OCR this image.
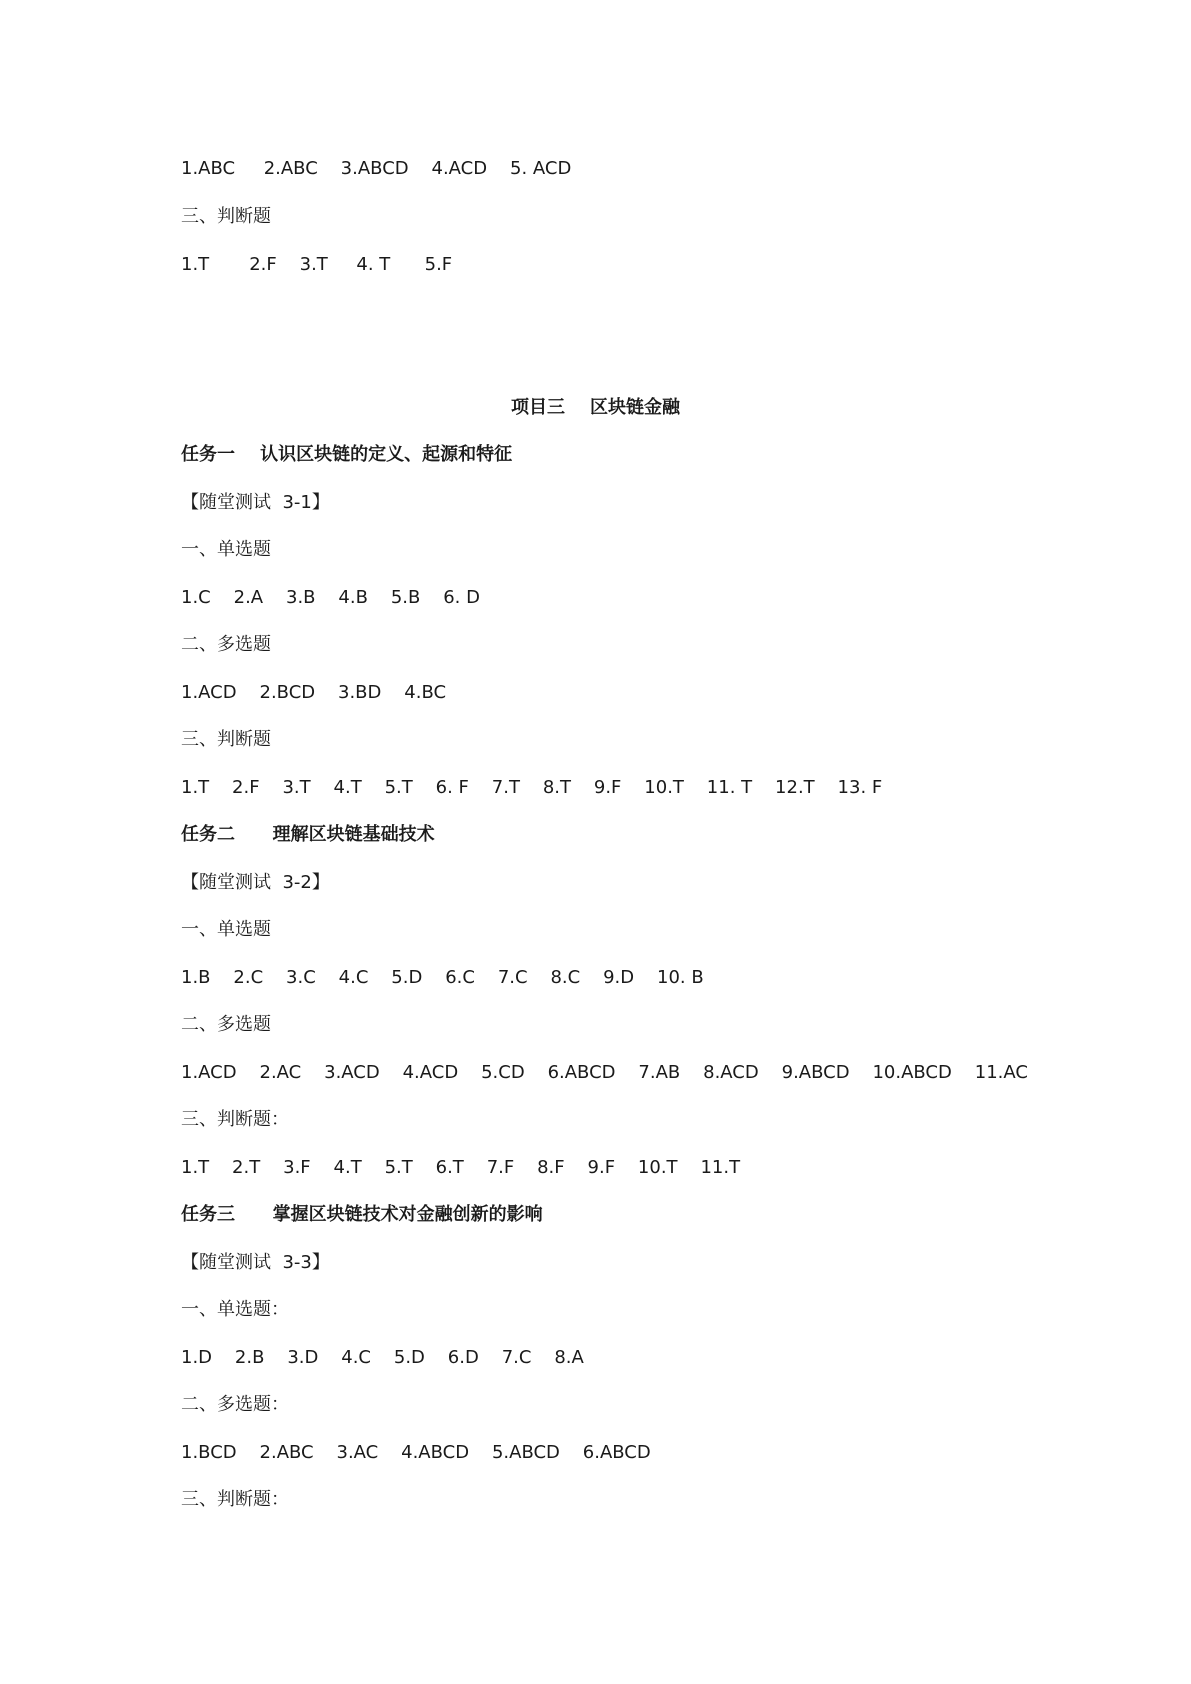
1.ABC     2.ABC    3.ABCD    4.ACD    5. ACD
三、判断题
1.T       2.F    3.T     4. T      5.F
项目三    区块链金融
任务一    认识区块链的定义、起源和特征
【随堂测试  3-1】
一、单选题
1.C    2.A    3.B    4.B    5.B    6. D
二、多选题
1.ACD    2.BCD    3.BD    4.BC
三、判断题
1.T    2.F    3.T    4.T    5.T    6. F    7.T    8.T    9.F    10.T    11. T    12.T    13. F
任务二      理解区块链基础技术
【随堂测试  3-2】
一、单选题
1.B    2.C    3.C    4.C    5.D    6.C    7.C    8.C    9.D    10. B
二、多选题
1.ACD    2.AC    3.ACD    4.ACD    5.CD    6.ABCD    7.AB    8.ACD    9.ABCD    10.ABCD    11.AC
三、判断题：
1.T    2.T    3.F    4.T    5.T    6.T    7.F    8.F    9.F    10.T    11.T
任务三      掌握区块链技术对金融创新的影响
【随堂测试  3-3】
一、单选题：
1.D    2.B    3.D    4.C    5.D    6.D    7.C    8.A
二、多选题：
1.BCD    2.ABC    3.AC    4.ABCD    5.ABCD    6.ABCD
三、判断题：
